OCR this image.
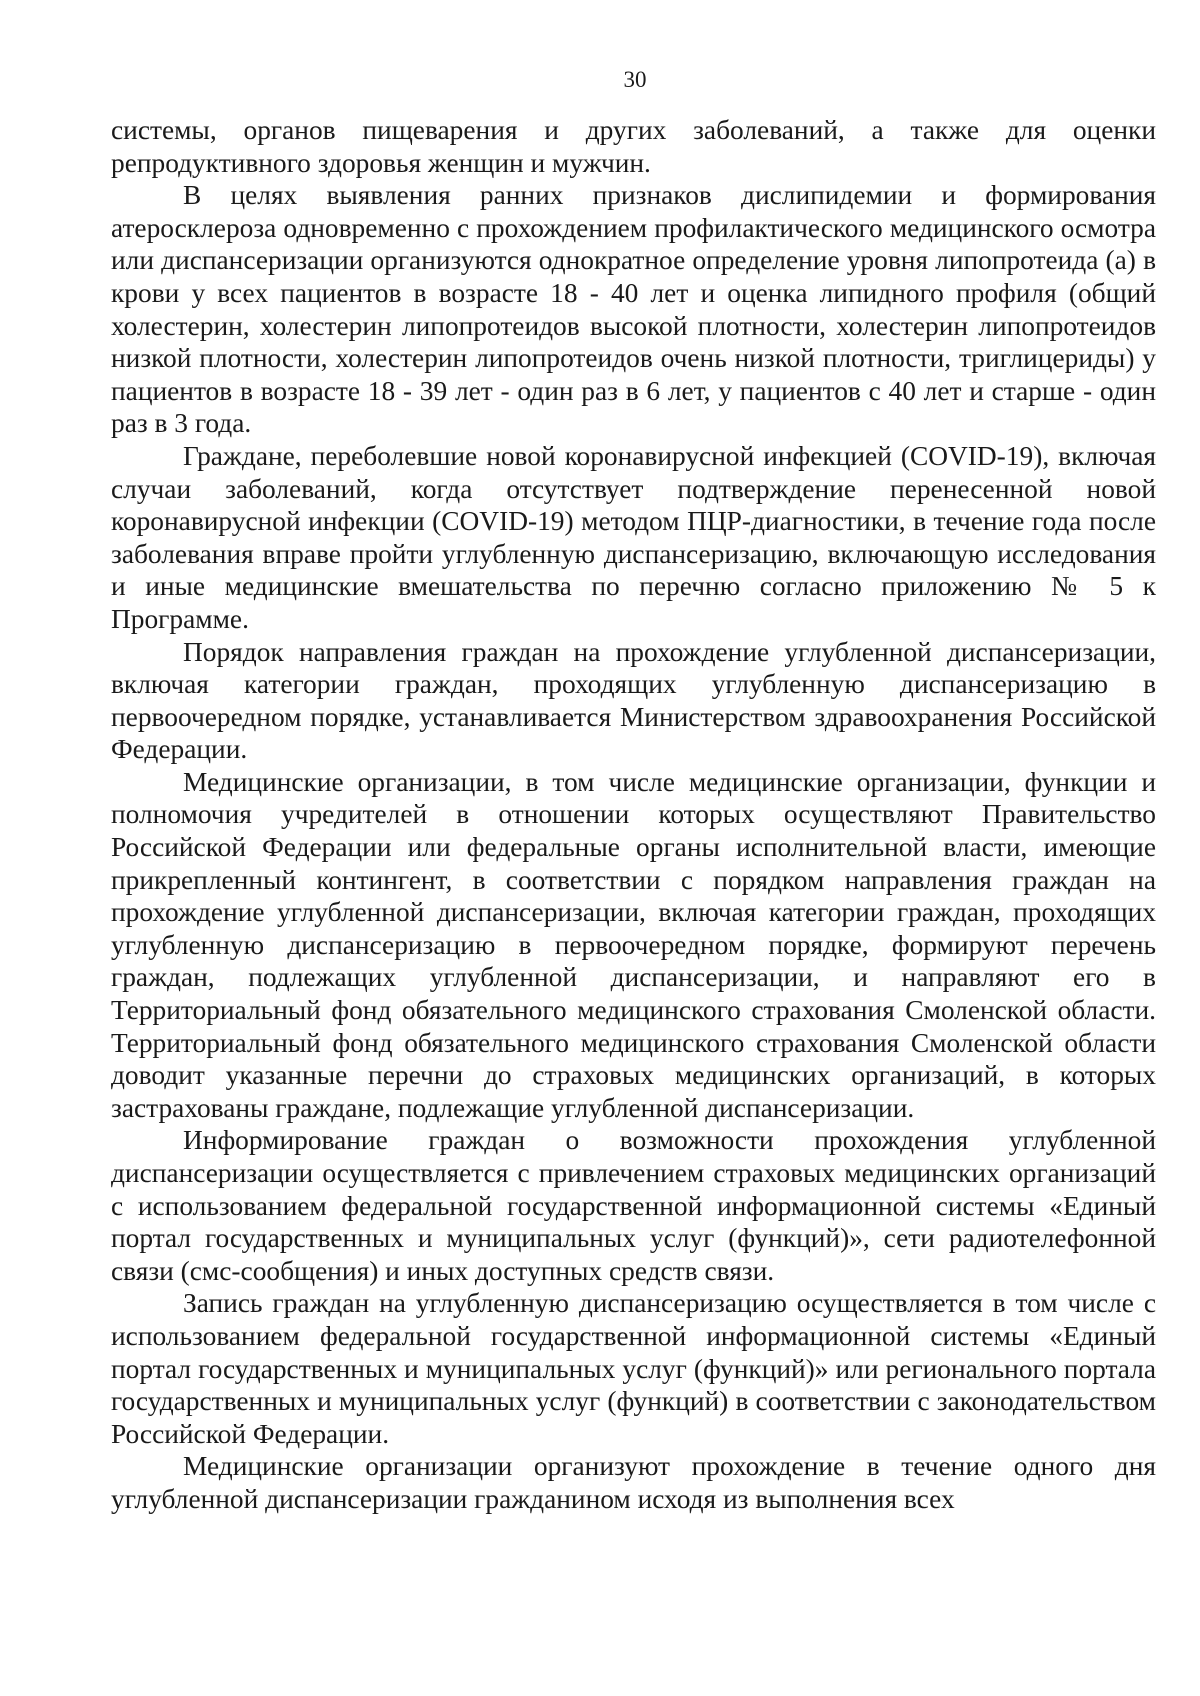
30

системы, органов пищеварения и других заболеваний, а также для оценки репродуктивного здоровья женщин и мужчин.

В целях выявления ранних признаков дислипидемии и формирования атеросклероза одновременно с прохождением профилактического медицинского осмотра или диспансеризации организуются однократное определение уровня липопротеида (а) в крови у всех пациентов в возрасте 18 - 40 лет и оценка липидного профиля (общий холестерин, холестерин липопротеидов высокой плотности, холестерин липопротеидов низкой плотности, холестерин липопротеидов очень низкой плотности, триглицериды) у пациентов в возрасте 18 - 39 лет - один раз в 6 лет, у пациентов с 40 лет и старше - один раз в 3 года.

Граждане, переболевшие новой коронавирусной инфекцией (COVID-19), включая случаи заболеваний, когда отсутствует подтверждение перенесенной новой коронавирусной инфекции (COVID-19) методом ПЦР-диагностики, в течение года после заболевания вправе пройти углубленную диспансеризацию, включающую исследования и иные медицинские вмешательства по перечню согласно приложению № 5 к Программе.

Порядок направления граждан на прохождение углубленной диспансеризации, включая категории граждан, проходящих углубленную диспансеризацию в первоочередном порядке, устанавливается Министерством здравоохранения Российской Федерации.

Медицинские организации, в том числе медицинские организации, функции и полномочия учредителей в отношении которых осуществляют Правительство Российской Федерации или федеральные органы исполнительной власти, имеющие прикрепленный контингент, в соответствии с порядком направления граждан на прохождение углубленной диспансеризации, включая категории граждан, проходящих углубленную диспансеризацию в первоочередном порядке, формируют перечень граждан, подлежащих углубленной диспансеризации, и направляют его в Территориальный фонд обязательного медицинского страхования Смоленской области. Территориальный фонд обязательного медицинского страхования Смоленской области доводит указанные перечни до страховых медицинских организаций, в которых застрахованы граждане, подлежащие углубленной диспансеризации.

Информирование граждан о возможности прохождения углубленной диспансеризации осуществляется с привлечением страховых медицинских организаций с использованием федеральной государственной информационной системы «Единый портал государственных и муниципальных услуг (функций)», сети радиотелефонной связи (смс-сообщения) и иных доступных средств связи.

Запись граждан на углубленную диспансеризацию осуществляется в том числе с использованием федеральной государственной информационной системы «Единый портал государственных и муниципальных услуг (функций)» или регионального портала государственных и муниципальных услуг (функций) в соответствии с законодательством Российской Федерации.

Медицинские организации организуют прохождение в течение одного дня углубленной диспансеризации гражданином исходя из выполнения всех
